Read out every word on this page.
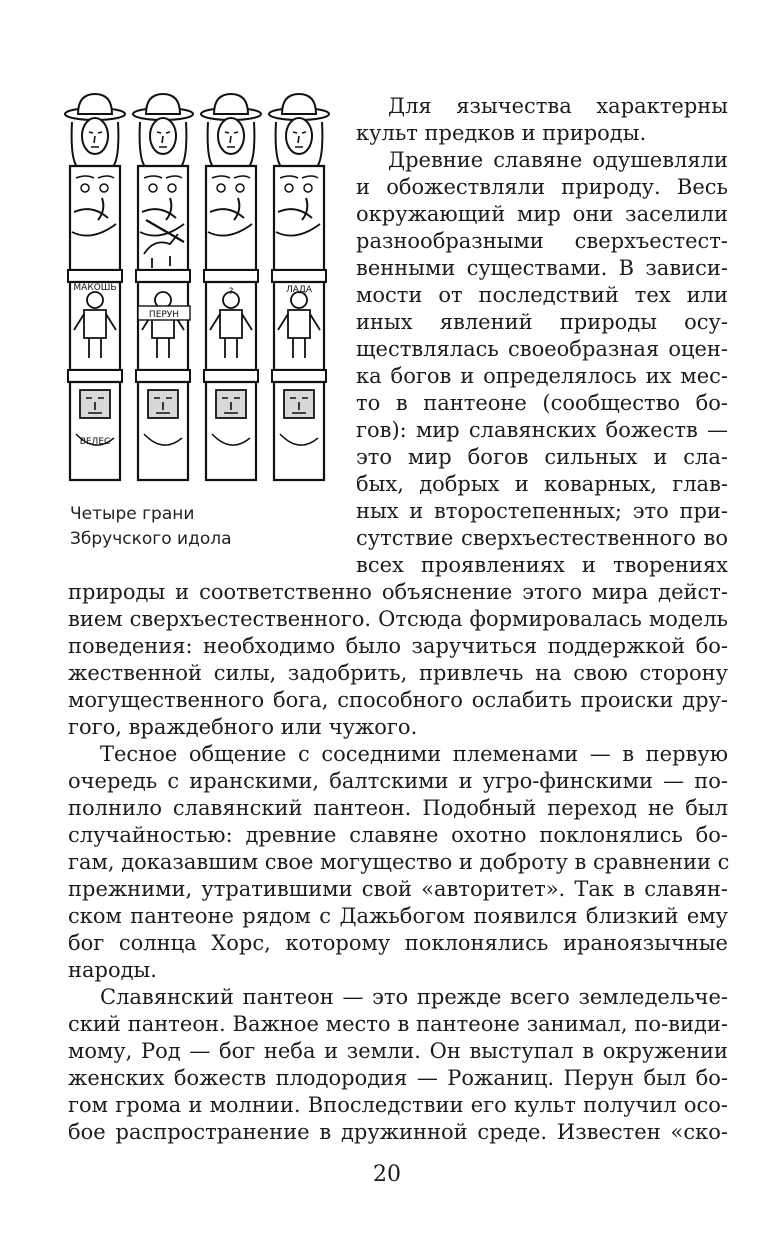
МАКОШЬ
ПЕРУН
?	ЛАДА
ВЕЛЕС
Четыре грани
Збручского идола
Для язычества характерны
культ предков и природы.
Древние славяне одушевляли
и обожествляли природу. Весь
окружающий мир они заселили
разнообразными сверхъестест-
венными существами. В зависи-
мости от последствий тех или
иных явлений природы осу-
ществлялась своеобразная оцен-
ка богов и определялось их мес-
то в пантеоне (сообщество бо-
гов): мир славянских божеств —
это мир богов сильных и сла-
бых, добрых и коварных, глав-
ных и второстепенных; это при-
сутствие сверхъестественного во
всех проявлениях и творениях
природы и соответственно объяснение этого мира дейст-
вием сверхъестественного. Отсюда формировалась модель
поведения: необходимо было заручиться поддержкой бо-
жественной силы, задобрить, привлечь на свою сторону
могущественного бога, способного ослабить происки дру-
гого, враждебного или чужого.
Тесное общение с соседними племенами — в первую
очередь с иранскими, балтскими и угро-финскими — по-
полнило славянский пантеон. Подобный переход не был
случайностью: древние славяне охотно поклонялись бо-
гам, доказавшим свое могущество и доброту в сравнении с
прежними, утратившими свой «авторитет». Так в славян-
ском пантеоне рядом с Дажьбогом появился близкий ему
бог солнца Хорс, которому поклонялись ираноязычные
народы.
Славянский пантеон — это прежде всего земледельче-
ский пантеон. Важное место в пантеоне занимал, по-види-
мому, Род — бог неба и земли. Он выступал в окружении
женских божеств плодородия — Рожаниц. Перун был бо-
гом грома и молнии. Впоследствии его культ получил осо-
бое распространение в дружинной среде. Известен «ско-
20
